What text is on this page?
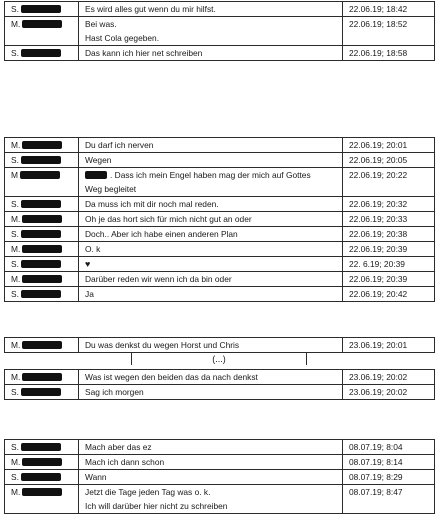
S.	Es wird alles gut wenn du mir hilfst.	22.06.19; 18:42
M.	Bei was.
Hast Cola gegeben.	22.06.19; 18:52
S.	Das kann ich hier net schreiben	22.06.19; 18:58
M.	Du darf ich nerven	22.06.19; 20:01
S.	Wegen	22.06.19; 20:05
M	. Dass ich mein Engel haben mag der mich auf Gottes
Weg begleitet	22.06.19; 20:22
S.	Da muss ich mit dir noch mal reden.	22.06.19; 20:32
M.	Oh je das hort sich für mich nicht gut an oder	22.06.19; 20:33
S.	Doch.. Aber ich habe einen anderen Plan	22.06.19; 20:38
M.	O. k	22.06.19; 20:39
S.	♥	22. 6.19; 20:39
M.	Darüber reden wir wenn ich da bin oder	22.06.19; 20:39
S.	Ja	22.06.19; 20:42
M.	Du was denkst du wegen Horst und Chris	23.06.19; 20:01
(...)
M.	Was ist wegen den beiden das da nach denkst	23.06.19; 20:02
S.	Sag ich morgen	23.06.19; 20:02
S.	Mach aber das ez	08.07.19; 8:04
M.	Mach ich dann schon	08.07.19; 8:14
S.	Wann	08.07.19; 8:29
M.	Jetzt die Tage jeden Tag was o. k.
Ich will darüber hier nicht zu schreiben	08.07.19; 8:47
